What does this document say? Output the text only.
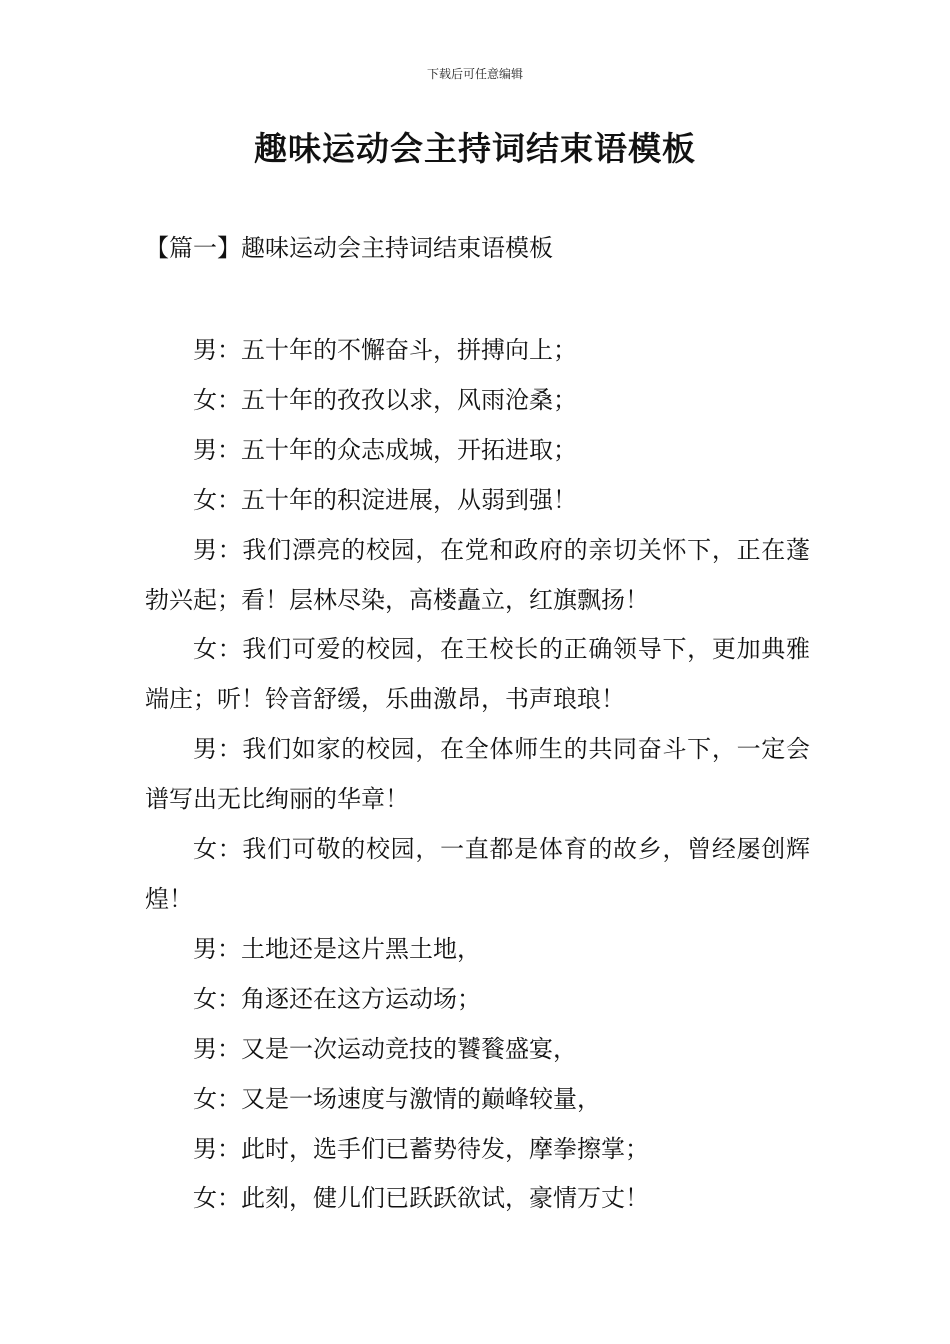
下载后可任意编辑
趣味运动会主持词结束语模板
【篇一】趣味运动会主持词结束语模板

男：五十年的不懈奋斗，拼搏向上；

女：五十年的孜孜以求，风雨沧桑；

男：五十年的众志成城，开拓进取；

女：五十年的积淀进展，从弱到强！

男：我们漂亮的校园，在党和政府的亲切关怀下，正在蓬勃兴起；看！层林尽染，高楼矗立，红旗飘扬！

女：我们可爱的校园，在王校长的正确领导下，更加典雅端庄；听！铃音舒缓，乐曲激昂，书声琅琅！

男：我们如家的校园，在全体师生的共同奋斗下，一定会谱写出无比绚丽的华章！

女：我们可敬的校园，一直都是体育的故乡，曾经屡创辉煌！

男：土地还是这片黑土地，

女：角逐还在这方运动场；

男：又是一次运动竞技的饕餮盛宴，

女：又是一场速度与激情的巅峰较量，

男：此时，选手们已蓄势待发，摩拳擦掌；

女：此刻，健儿们已跃跃欲试，豪情万丈！
